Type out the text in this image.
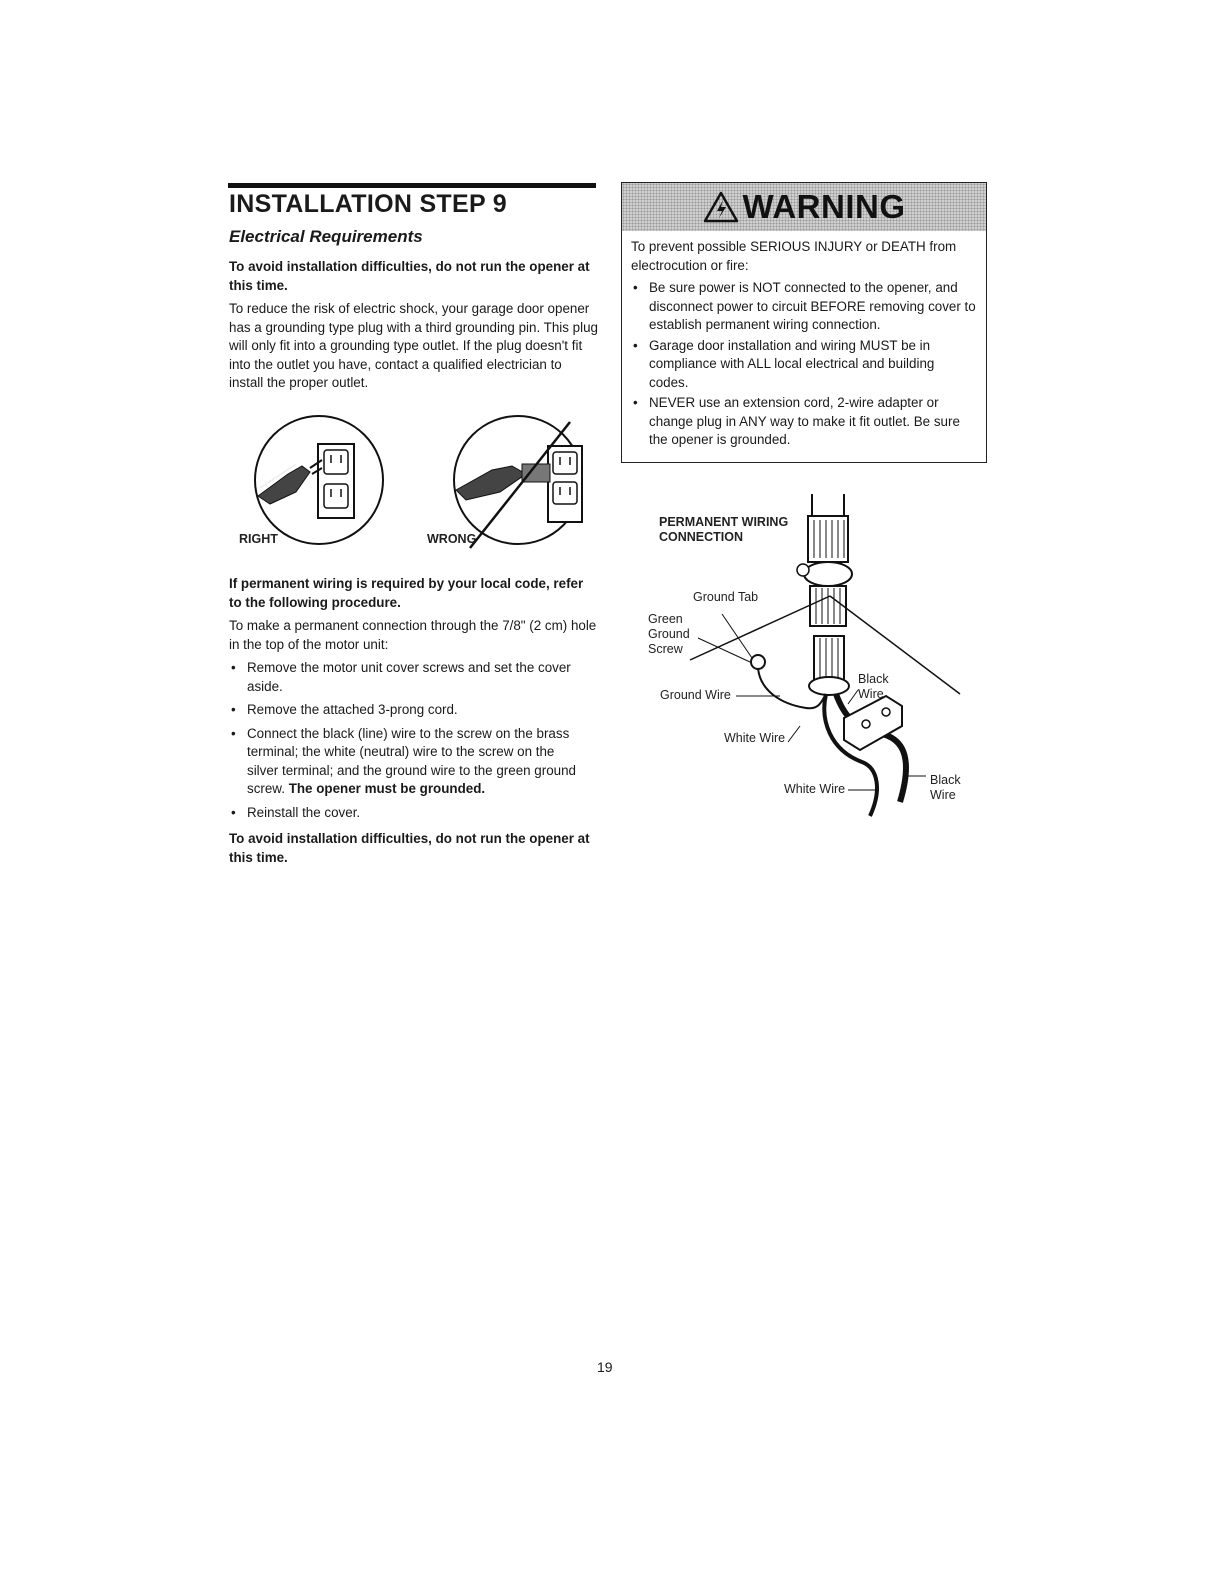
INSTALLATION STEP 9
Electrical Requirements

To avoid installation difficulties, do not run the opener at this time.

To reduce the risk of electric shock, your garage door opener has a grounding type plug with a third grounding pin. This plug will only fit into a grounding type outlet. If the plug doesn't fit into the outlet you have, contact a qualified electrician to install the proper outlet.

RIGHT	WRONG

If permanent wiring is required by your local code, refer to the following procedure.

To make a permanent connection through the 7/8" (2 cm) hole in the top of the motor unit:

• Remove the motor unit cover screws and set the cover aside.
• Remove the attached 3-prong cord.
• Connect the black (line) wire to the screw on the brass terminal; the white (neutral) wire to the screw on the silver terminal; and the ground wire to the green ground screw. The opener must be grounded.
• Reinstall the cover.

To avoid installation difficulties, do not run the opener at this time.

WARNING

To prevent possible SERIOUS INJURY or DEATH from electrocution or fire:

• Be sure power is NOT connected to the opener, and disconnect power to circuit BEFORE removing cover to establish permanent wiring connection.
• Garage door installation and wiring MUST be in compliance with ALL local electrical and building codes.
• NEVER use an extension cord, 2-wire adapter or change plug in ANY way to make it fit outlet. Be sure the opener is grounded.
PERMANENT WIRING
CONNECTION
Ground Tab
Green
Ground
Screw
Ground Wire
Black
Wire
White Wire
White Wire
Black
Wire
19
